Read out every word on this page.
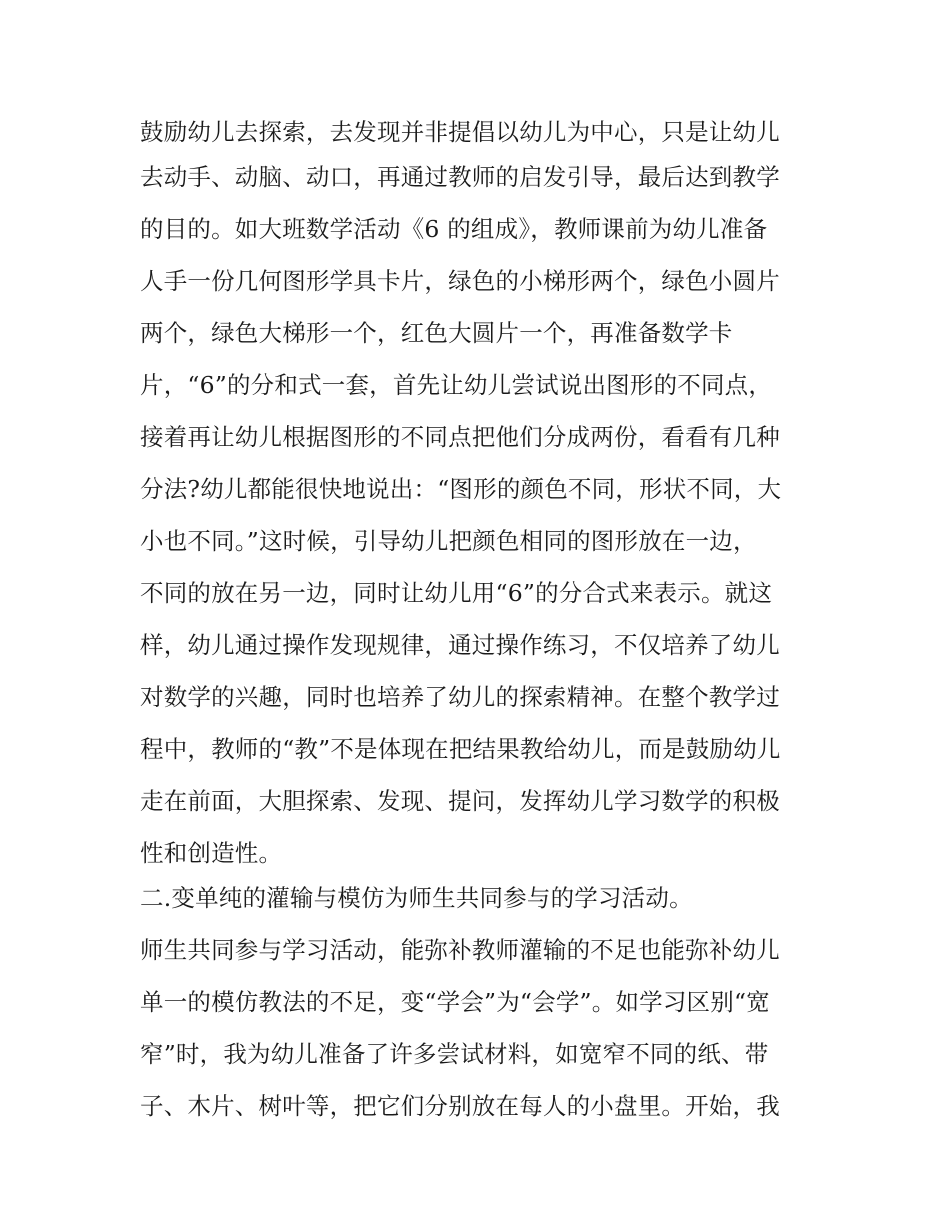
鼓励幼儿去探索，去发现并非提倡以幼儿为中心，只是让幼儿
去动手、动脑、动口，再通过教师的启发引导，最后达到教学
的目的。如大班数学活动《6 的组成》，教师课前为幼儿准备
人手一份几何图形学具卡片，绿色的小梯形两个，绿色小圆片
两个，绿色大梯形一个，红色大圆片一个，再准备数学卡
片，“6”的分和式一套，首先让幼儿尝试说出图形的不同点，
接着再让幼儿根据图形的不同点把他们分成两份，看看有几种
分法?幼儿都能很快地说出：“图形的颜色不同，形状不同，大
小也不同。”这时候，引导幼儿把颜色相同的图形放在一边，
不同的放在另一边，同时让幼儿用“6”的分合式来表示。就这
样，幼儿通过操作发现规律，通过操作练习，不仅培养了幼儿
对数学的兴趣，同时也培养了幼儿的探索精神。在整个教学过
程中，教师的“教”不是体现在把结果教给幼儿，而是鼓励幼儿
走在前面，大胆探索、发现、提问，发挥幼儿学习数学的积极
性和创造性。
二.变单纯的灌输与模仿为师生共同参与的学习活动。
师生共同参与学习活动，能弥补教师灌输的不足也能弥补幼儿
单一的模仿教法的不足，变“学会”为“会学”。如学习区别“宽
窄”时，我为幼儿准备了许多尝试材料，如宽窄不同的纸、带
子、木片、树叶等，把它们分别放在每人的小盘里。开始，我
